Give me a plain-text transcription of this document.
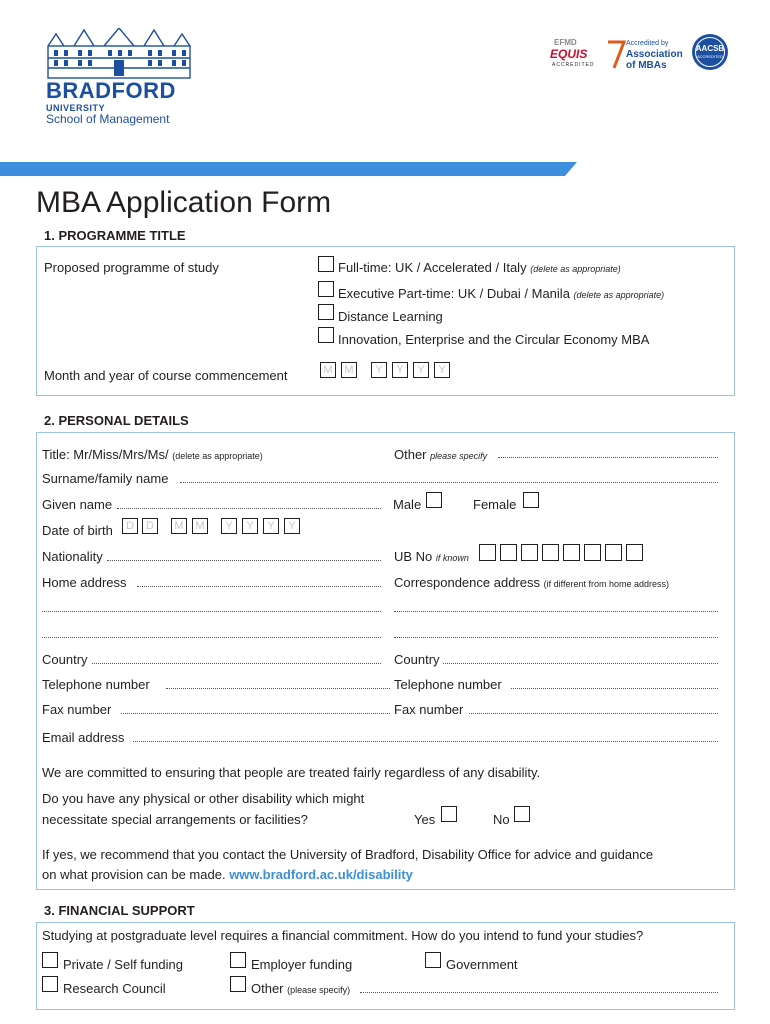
BRADFORD
UNIVERSITY
School of Management
EFMD
EQUIS
ACCREDITED
Accredited by
Association
of MBAs
AACSB
ACCREDITED
MBA Application Form
1. PROGRAMME TITLE
Proposed programme of study	Full-time: UK / Accelerated / Italy (delete as appropriate)
Executive Part-time: UK / Dubai / Manila (delete as appropriate)
Distance Learning
Innovation, Enterprise and the Circular Economy MBA
Month and year of course commencement	M	M	Y	Y	Y	Y
2. PERSONAL DETAILS
Title: Mr/Miss/Mrs/Ms/ (delete as appropriate)	Other please specify
Surname/family name
Given name	Male	Female
Date of birth	D	D	M	M	Y	Y	Y	Y
Nationality	UB No if known
Home address	Correspondence address (if different from home address)
Country	Country
Telephone number	Telephone number
Fax number	Fax number
Email address
We are committed to ensuring that people are treated fairly regardless of any disability.
Do you have any physical or other disability which might
necessitate special arrangements or facilities?	Yes	No
If yes, we recommend that you contact the University of Bradford, Disability Office for advice and guidance
on what provision can be made. www.bradford.ac.uk/disability
3. FINANCIAL SUPPORT
Studying at postgraduate level requires a financial commitment. How do you intend to fund your studies?
Private / Self funding	Employer funding	Government
Research Council	Other (please specify)
